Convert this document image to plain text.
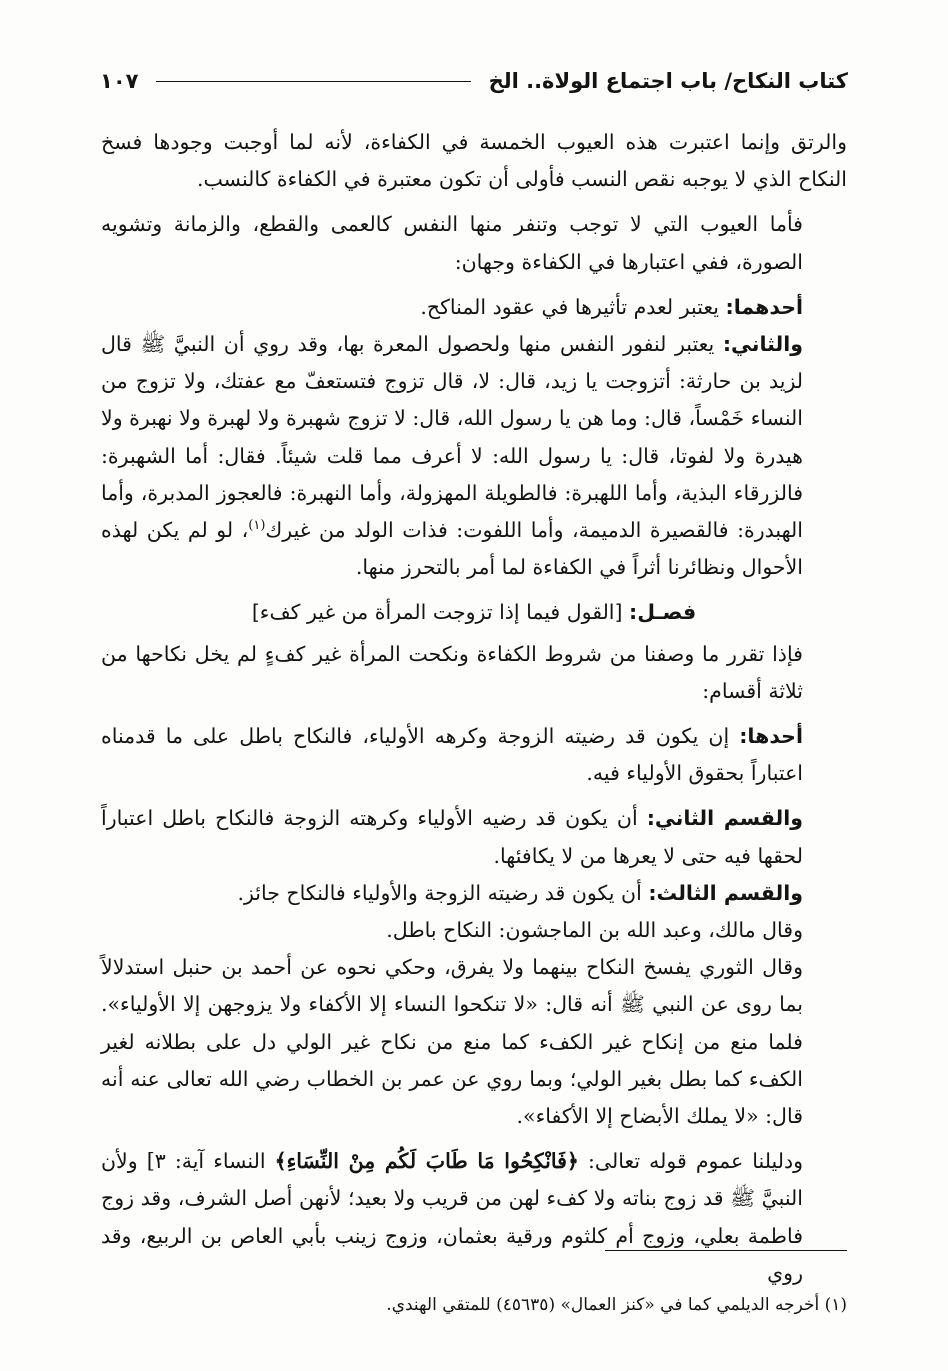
كتاب النكاح/ باب اجتماع الولاة.. الخ
١٠٧

والرتق وإنما اعتبرت هذه العيوب الخمسة في الكفاءة، لأنه لما أوجبت وجودها فسخ النكاح الذي لا يوجبه نقص النسب فأولى أن تكون معتبرة في الكفاءة كالنسب.

فأما العيوب التي لا توجب وتنفر منها النفس كالعمى والقطع، والزمانة وتشويه الصورة، ففي اعتبارها في الكفاءة وجهان:

أحدهما: يعتبر لعدم تأثيرها في عقود المناكح.

والثاني: يعتبر لنفور النفس منها ولحصول المعرة بها، وقد روي أن النبيَّ ﷺ قال لزيد بن حارثة: أتزوجت يا زيد، قال: لا، قال تزوج فتستعفّ مع عفتك، ولا تزوج من النساء خَمْساً، قال: وما هن يا رسول الله، قال: لا تزوج شهبرة ولا لهبرة ولا نهبرة ولا هيدرة ولا لفوتا، قال: يا رسول الله: لا أعرف مما قلت شيئاً. فقال: أما الشهبرة: فالزرقاء البذية، وأما اللهبرة: فالطويلة المهزولة، وأما النهبرة: فالعجوز المدبرة، وأما الهبدرة: فالقصيرة الدميمة، وأما اللفوت: فذات الولد من غيرك$^{(١)}$، لو لم يكن لهذه الأحوال ونظائرنا أثراً في الكفاءة لما أمر بالتحرز منها.

فصـل: [القول فيما إذا تزوجت المرأة من غير كفء]

فإذا تقرر ما وصفنا من شروط الكفاءة ونكحت المرأة غير كفءٍ لم يخل نكاحها من ثلاثة أقسام:

أحدها: إن يكون قد رضيته الزوجة وكرهه الأولياء، فالنكاح باطل على ما قدمناه اعتباراً بحقوق الأولياء فيه.

والقسم الثاني: أن يكون قد رضيه الأولياء وكرهته الزوجة فالنكاح باطل اعتباراً لحقها فيه حتى لا يعرها من لا يكافئها.

والقسم الثالث: أن يكون قد رضيته الزوجة والأولياء فالنكاح جائز.

وقال مالك، وعبد الله بن الماجشون: النكاح باطل.

وقال الثوري يفسخ النكاح بينهما ولا يفرق، وحكي نحوه عن أحمد بن حنبل استدلالاً بما روى عن النبي ﷺ أنه قال: «لا تنكحوا النساء إلا الأكفاء ولا يزوجهن إلا الأولياء». فلما منع من إنكاح غير الكفء كما منع من نكاح غير الولي دل على بطلانه لغير الكفء كما بطل بغير الولي؛ وبما روي عن عمر بن الخطاب رضي الله تعالى عنه أنه قال: «لا يملك الأبضاح إلا الأكفاء».

ودليلنا عموم قوله تعالى: ﴿فَانْكِحُوا مَا طَابَ لَكُم مِنْ النِّسَاءِ﴾ النساء آية: ٣] ولأن النبيَّ ﷺ قد زوج بناته ولا كفء لهن من قريب ولا بعيد؛ لأنهن أصل الشرف، وقد زوج فاطمة بعلي، وزوج أم كلثوم ورقية بعثمان، وزوج زينب بأبي العاص بن الربيع، وقد روي

(١) أخرجه الديلمي كما في «كنز العمال» (٤٥٦٣٥) للمتقي الهندي.
